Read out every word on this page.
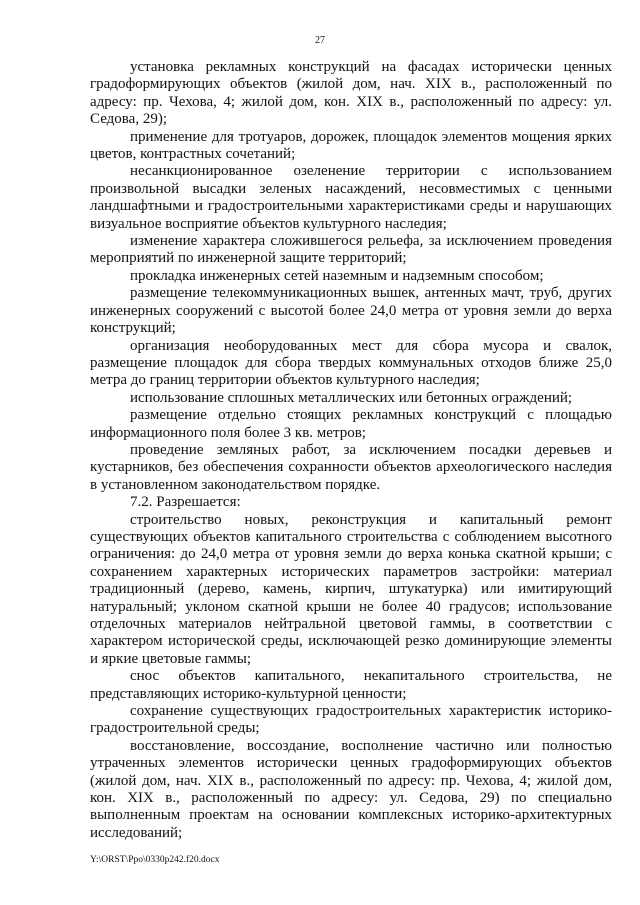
27

установка рекламных конструкций на фасадах исторически ценных градоформирующих объектов (жилой дом, нач. XIX в., расположенный по адресу: пр. Чехова, 4; жилой дом, кон. XIX в., расположенный по адресу: ул. Седова, 29);

применение для тротуаров, дорожек, площадок элементов мощения ярких цветов, контрастных сочетаний;

несанкционированное озеленение территории с использованием произвольной высадки зеленых насаждений, несовместимых с ценными ландшафтными и градостроительными характеристиками среды и нарушающих визуальное восприятие объектов культурного наследия;

изменение характера сложившегося рельефа, за исключением проведения мероприятий по инженерной защите территорий;

прокладка инженерных сетей наземным и надземным способом;

размещение телекоммуникационных вышек, антенных мачт, труб, других инженерных сооружений с высотой более 24,0 метра от уровня земли до верха конструкций;

организация необорудованных мест для сбора мусора и свалок, размещение площадок для сбора твердых коммунальных отходов ближе 25,0 метра до границ территории объектов культурного наследия;

использование сплошных металлических или бетонных ограждений;

размещение отдельно стоящих рекламных конструкций с площадью информационного поля более 3 кв. метров;

проведение земляных работ, за исключением посадки деревьев и кустарников, без обеспечения сохранности объектов археологического наследия в установленном законодательством порядке.

7.2. Разрешается:

строительство новых, реконструкция и капитальный ремонт существующих объектов капитального строительства с соблюдением высотного ограничения: до 24,0 метра от уровня земли до верха конька скатной крыши; с сохранением характерных исторических параметров застройки: материал традиционный (дерево, камень, кирпич, штукатурка) или имитирующий натуральный; уклоном скатной крыши не более 40 градусов; использование отделочных материалов нейтральной цветовой гаммы, в соответствии с характером исторической среды, исключающей резко доминирующие элементы и яркие цветовые гаммы;

снос объектов капитального, некапитального строительства, не представляющих историко-культурной ценности;

сохранение существующих градостроительных характеристик историко-градостроительной среды;

восстановление, воссоздание, восполнение частично или полностью утраченных элементов исторически ценных градоформирующих объектов (жилой дом, нач. XIX в., расположенный по адресу: пр. Чехова, 4; жилой дом, кон. XIX в., расположенный по адресу: ул. Седова, 29) по специально выполненным проектам на основании комплексных историко-архитектурных исследований;

Y:\ORST\Ppo\0330p242.f20.docx
